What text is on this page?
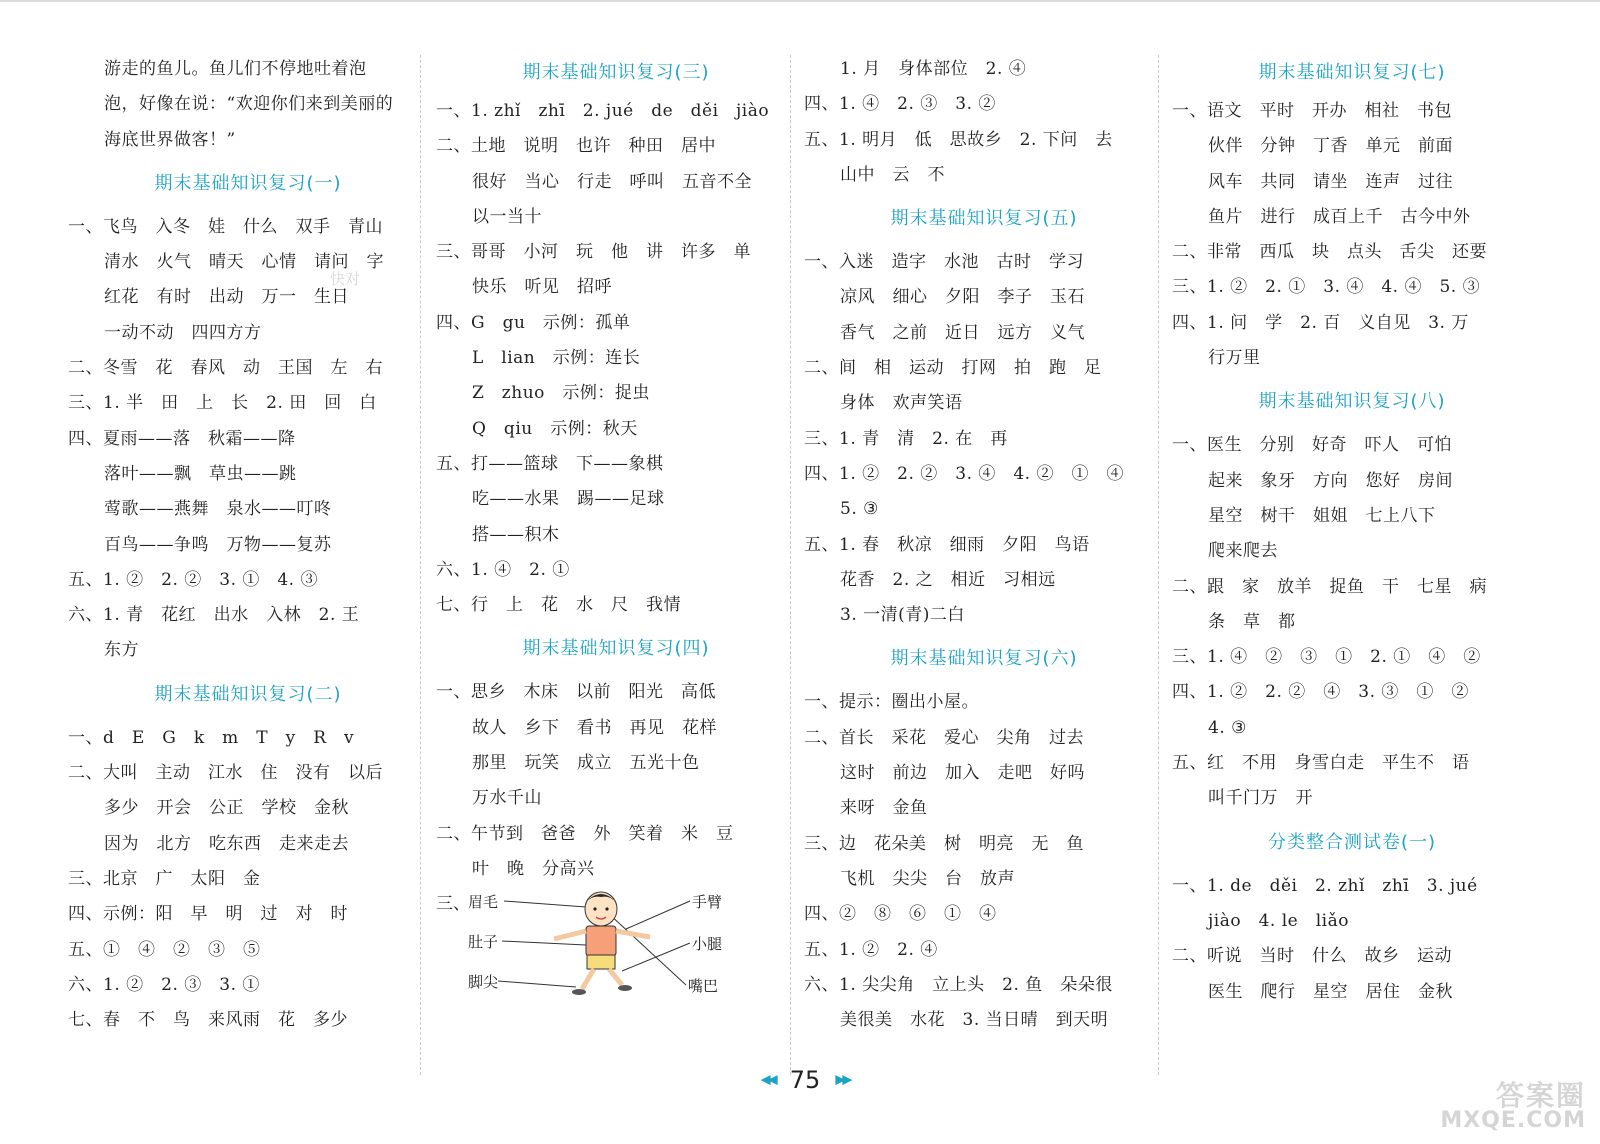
游走的鱼儿。鱼儿们不停地吐着泡
泡，好像在说：“欢迎你们来到美丽的
海底世界做客！”
期末基础知识复习(一)
一、飞鸟　入冬　娃　什么　双手　青山
清水　火气　晴天　心情　请问　字
红花　有时　出动　万一　生日
一动不动　四四方方
二、冬雪　花　春风　动　王国　左　右
三、1. 半　田　上　长　2. 田　回　白
四、夏雨——落　秋霜——降
落叶——飘　草虫——跳
莺歌——燕舞　泉水——叮咚
百鸟——争鸣　万物——复苏
五、1. ②　2. ②　3. ①　4. ③
六、1. 青　花红　出水　入林　2. 王
东方
期末基础知识复习(二)
一、d　E　G　k　m　T　y　R　v
二、大叫　主动　江水　住　没有　以后
多少　开会　公正　学校　金秋
因为　北方　吃东西　走来走去
三、北京　广　太阳　金
四、示例：阳　早　明　过　对　时
五、①　④　②　③　⑤
六、1. ②　2. ③　3. ①
七、春　不　鸟　来风雨　花　多少
期末基础知识复习(三)
一、1. zhǐ　zhī　2. jué　de　děi　jiào
二、土地　说明　也许　种田　居中
很好　当心　行走　呼叫　五音不全
以一当十
三、哥哥　小河　玩　他　讲　许多　单
快乐　听见　招呼
四、G　gu　示例：孤单
L　lian　示例：连长
Z　zhuo　示例：捉虫
Q　qiu　示例：秋天
五、打——篮球　下——象棋
吃——水果　踢——足球
搭——积木
六、1. ④　2. ①
七、行　上　花　水　尺　我情
期末基础知识复习(四)
一、思乡　木床　以前　阳光　高低
故人　乡下　看书　再见　花样
那里　玩笑　成立　五光十色
万水千山
二、午节到　爸爸　外　笑着　米　豆
叶　晚　分高兴
三、
眉毛
肚子
脚尖
手臂
小腿
嘴巴
1. 月　身体部位　2. ④
四、1. ④　2. ③　3. ②
五、1. 明月　低　思故乡　2. 下问　去
山中　云　不
期末基础知识复习(五)
一、入迷　造字　水池　古时　学习
凉风　细心　夕阳　李子　玉石
香气　之前　近日　远方　义气
二、间　相　运动　打网　拍　跑　足
身体　欢声笑语
三、1. 青　清　2. 在　再
四、1. ②　2. ②　3. ④　4. ②　①　④
5. ③
五、1. 春　秋凉　细雨　夕阳　鸟语
花香　2. 之　相近　习相远
3. 一清(青)二白
期末基础知识复习(六)
一、提示：圈出小屋。
二、首长　采花　爱心　尖角　过去
这时　前边　加入　走吧　好吗
来呀　金鱼
三、边　花朵美　树　明亮　无　鱼
飞机　尖尖　台　放声
四、②　⑧　⑥　①　④
五、1. ②　2. ④
六、1. 尖尖角　立上头　2. 鱼　朵朵很
美很美　水花　3. 当日晴　到天明
期末基础知识复习(七)
一、语文　平时　开办　相社　书包
伙伴　分钟　丁香　单元　前面
风车　共同　请坐　连声　过往
鱼片　进行　成百上千　古今中外
二、非常　西瓜　块　点头　舌尖　还要
三、1. ②　2. ①　3. ④　4. ④　5. ③
四、1. 问　学　2. 百　义自见　3. 万
行万里
期末基础知识复习(八)
一、医生　分别　好奇　吓人　可怕
起来　象牙　方向　您好　房间
星空　树干　姐姐　七上八下
爬来爬去
二、跟　家　放羊　捉鱼　干　七星　病
条　草　都
三、1. ④　②　③　①　2. ①　④　②
四、1. ②　2. ②　④　3. ③　①　②
4. ③
五、红　不用　身雪白走　平生不　语
叫千门万　开
分类整合测试卷(一)
一、1. de　děi　2. zhǐ　zhī　3. jué
jiào　4. le　liǎo
二、听说　当时　什么　故乡　运动
医生　爬行　星空　居住　金秋
◀◀ 75 ▶▶
快对
答案圈
MXQE.COM
